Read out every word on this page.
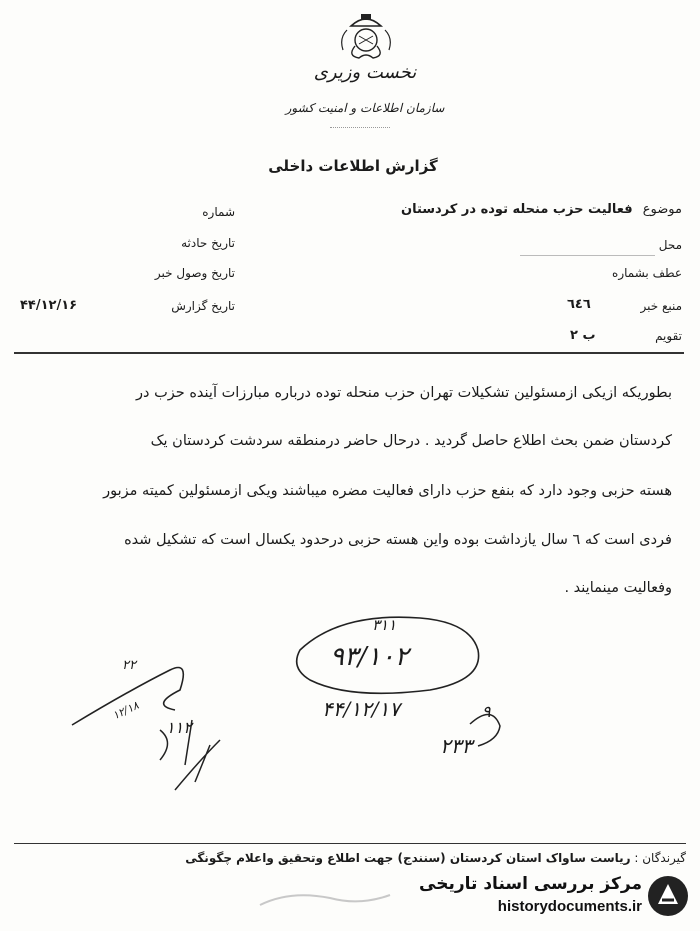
نخست وزیری
سازمان اطلاعات و امنیت کشور
گزارش اطلاعات داخلی
موضوع فعالیت حزب منحله توده در کردستان
محل
عطف بشماره
منبع خبر
٦٤٦
تقویم
ب ۲
شماره
تاریخ حادثه
تاریخ وصول خبر
تاریخ گزارش
۴۴/۱۲/۱۶
بطوریکه ازیکی ازمسئولین تشکیلات تهران حزب منحله توده درباره مبارزات آینده حزب در
کردستان ضمن بحث اطلاع حاصل گردید . درحال حاضر درمنطقه سردشت کردستان یک
هسته حزبی وجود دارد که بنفع حزب دارای فعالیت مضره میباشند ویکی ازمسئولین کمیته مزبور
فردی است که ٦ سال یازداشت بوده واین هسته حزبی درحدود یکسال است که تشکیل شده
وفعالیت مینمایند .
۳۱۱
۹۳/۱۰۲
۴۴/۱۲/۱۷	۹
۲۳۳
۲۲
۱۲/۱۸
۱۱۲
گیرندگان : ریاست ساواک استان کردستان (سنندج) جهت اطلاع وتحقیق واعلام چگونگی
مرکز بررسی اسناد تاریخی
historydocuments.ir
